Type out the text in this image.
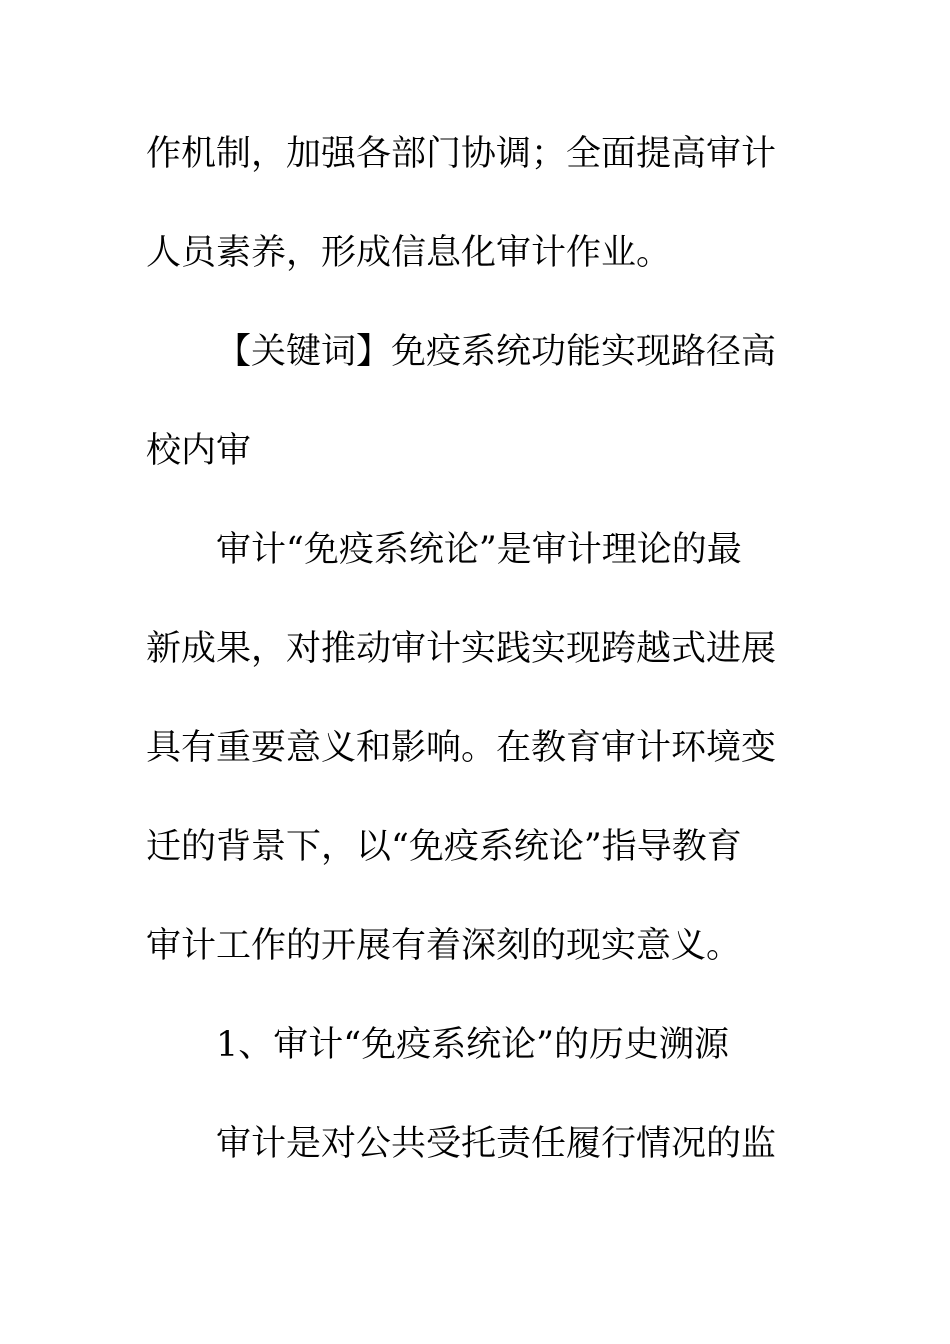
作机制，加强各部门协调；全面提高审计
人员素养，形成信息化审计作业。
【关键词】免疫系统功能实现路径高
校内审
审计“免疫系统论”是审计理论的最
新成果，对推动审计实践实现跨越式进展
具有重要意义和影响。在教育审计环境变
迁的背景下，以“免疫系统论”指导教育
审计工作的开展有着深刻的现实意义。
1、审计“免疫系统论”的历史溯源
审计是对公共受托责任履行情况的监
